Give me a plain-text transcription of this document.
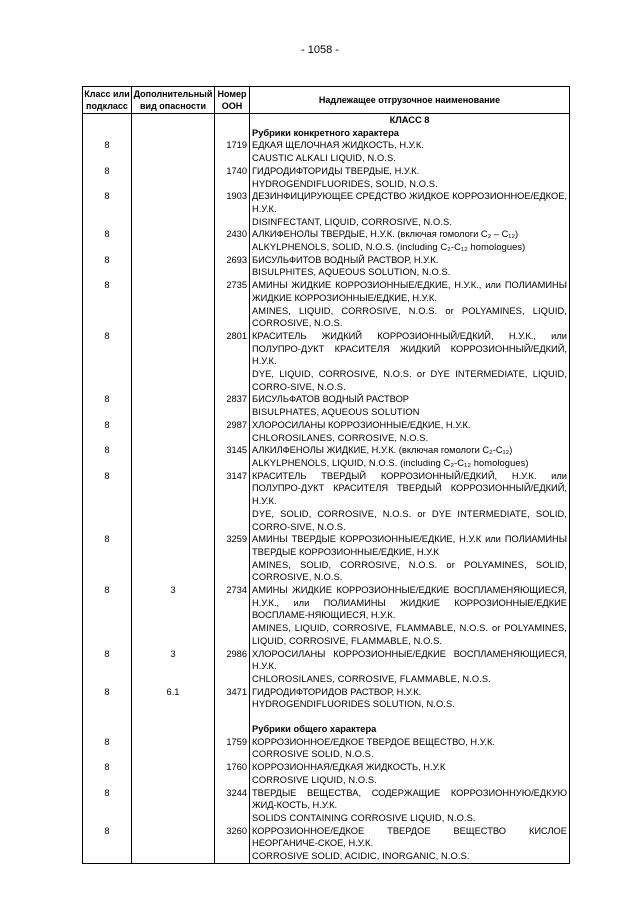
- 1058 -
Класс или подкласс	Дополнительный вид опасности	Номер ООН	Надлежащее отгрузочное наименование
			КЛАСС 8
			Рубрики конкретного характера
8		1719	ЕДКАЯ ЩЕЛОЧНАЯ ЖИДКОСТЬ, Н.У.К.
CAUSTIC ALKALI LIQUID, N.O.S.

8		1740	ГИДРОДИФТОРИДЫ ТВЕРДЫЕ, Н.У.К.
HYDROGENDIFLUORIDES, SOLID, N.O.S.

8		1903	ДЕЗИНФИЦИРУЮЩЕЕ СРЕДСТВО ЖИДКОЕ КОРРОЗИОННОЕ/ЕДКОЕ, Н.У.К.
DISINFECTANT, LIQUID, CORROSIVE, N.O.S.

8		2430	АЛКИФЕНОЛЫ ТВЕРДЫЕ, Н.У.К. (включая гомологи C₂ – C₁₂)
ALKYLPHENOLS, SOLID, N.O.S. (including C₂-C₁₂ homologues)

8		2693	БИСУЛЬФИТОВ ВОДНЫЙ РАСТВОР, Н.У.К.
BISULPHITES, AQUEOUS SOLUTION, N.O.S.

8		2735	АМИНЫ ЖИДКИЕ КОРРОЗИОННЫЕ/ЕДКИЕ, Н.У.К., или ПОЛИАМИНЫ ЖИДКИЕ КОРРОЗИОННЫЕ/ЕДКИЕ, Н.У.К.
AMINES, LIQUID, CORROSIVE, N.O.S. or POLYAMINES, LIQUID, CORROSIVE, N.O.S.

8		2801	КРАСИТЕЛЬ ЖИДКИЙ КОРРОЗИОННЫЙ/ЕДКИЙ, Н.У.К., или ПОЛУПРО-ДУКТ КРАСИТЕЛЯ ЖИДКИЙ КОРРОЗИОННЫЙ/ЕДКИЙ, Н.У.К.
DYE, LIQUID, CORROSIVE, N.O.S. or DYE INTERMEDIATE, LIQUID, CORRO-SIVE, N.O.S.

8		2837	БИСУЛЬФАТОВ ВОДНЫЙ РАСТВОР
BISULPHATES, AQUEOUS SOLUTION

8		2987	ХЛОРОСИЛАНЫ КОРРОЗИОННЫЕ/ЕДКИЕ, Н.У.К.
CHLOROSILANES, CORROSIVE, N.O.S.

8		3145	АЛКИЛФЕНОЛЫ ЖИДКИЕ, Н.У.К. (включая гомологи C₂-C₁₂)
ALKYLPHENOLS, LIQUID, N.O.S. (including C₂-C₁₂ homologues)

8		3147	КРАСИТЕЛЬ ТВЕРДЫЙ КОРРОЗИОННЫЙ/ЕДКИЙ, Н.У.К. или ПОЛУПРО-ДУКТ КРАСИТЕЛЯ ТВЕРДЫЙ КОРРОЗИОННЫЙ/ЕДКИЙ, Н.У.К.
DYE, SOLID, CORROSIVE, N.O.S. or DYE INTERMEDIATE, SOLID, CORRO-SIVE, N.O.S.

8		3259	АМИНЫ ТВЕРДЫЕ КОРРОЗИОННЫЕ/ЕДКИЕ, Н.У.К или ПОЛИАМИНЫ ТВЕРДЫЕ КОРРОЗИОННЫЕ/ЕДКИЕ, Н.У.К
AMINES, SOLID, CORROSIVE, N.O.S. or POLYAMINES, SOLID, CORROSIVE, N.O.S.

8	3	2734	АМИНЫ ЖИДКИЕ КОРРОЗИОННЫЕ/ЕДКИЕ ВОСПЛАМЕНЯЮЩИЕСЯ, Н.У.К., или ПОЛИАМИНЫ ЖИДКИЕ КОРРОЗИОННЫЕ/ЕДКИЕ ВОСПЛАМЕ-НЯЮЩИЕСЯ, Н.У.К.
AMINES, LIQUID, CORROSIVE, FLAMMABLE, N.O.S. or POLYAMINES, LIQUID, CORROSIVE, FLAMMABLE, N.O.S.

8	3	2986	ХЛОРОСИЛАНЫ КОРРОЗИОННЫЕ/ЕДКИЕ ВОСПЛАМЕНЯЮЩИЕСЯ, Н.У.К.
CHLOROSILANES, CORROSIVE, FLAMMABLE, N.O.S.

8	6.1	3471	ГИДРОДИФТОРИДОВ РАСТВОР, Н.У.К.
HYDROGENDIFLUORIDES SOLUTION, N.O.S.

			Рубрики общего характера
8		1759	КОРРОЗИОННОЕ/ЕДКОЕ ТВЕРДОЕ ВЕЩЕСТВО, Н.У.К.
CORROSIVE SOLID, N.O.S.

8		1760	КОРРОЗИОННАЯ/ЕДКАЯ ЖИДКОСТЬ, Н.У.К
CORROSIVE LIQUID, N.O.S.

8		3244	ТВЕРДЫЕ ВЕЩЕСТВА, СОДЕРЖАЩИЕ КОРРОЗИОННУЮ/ЕДКУЮ ЖИД-КОСТЬ, Н.У.К.
SOLIDS CONTAINING CORROSIVE LIQUID, N.O.S.

8		3260	КОРРОЗИОННОЕ/ЕДКОЕ ТВЕРДОЕ ВЕЩЕСТВО КИСЛОЕ НЕОРГАНИЧЕ-СКОЕ, Н.У.К.
CORROSIVE SOLID, ACIDIC, INORGANIC, N.O.S.
